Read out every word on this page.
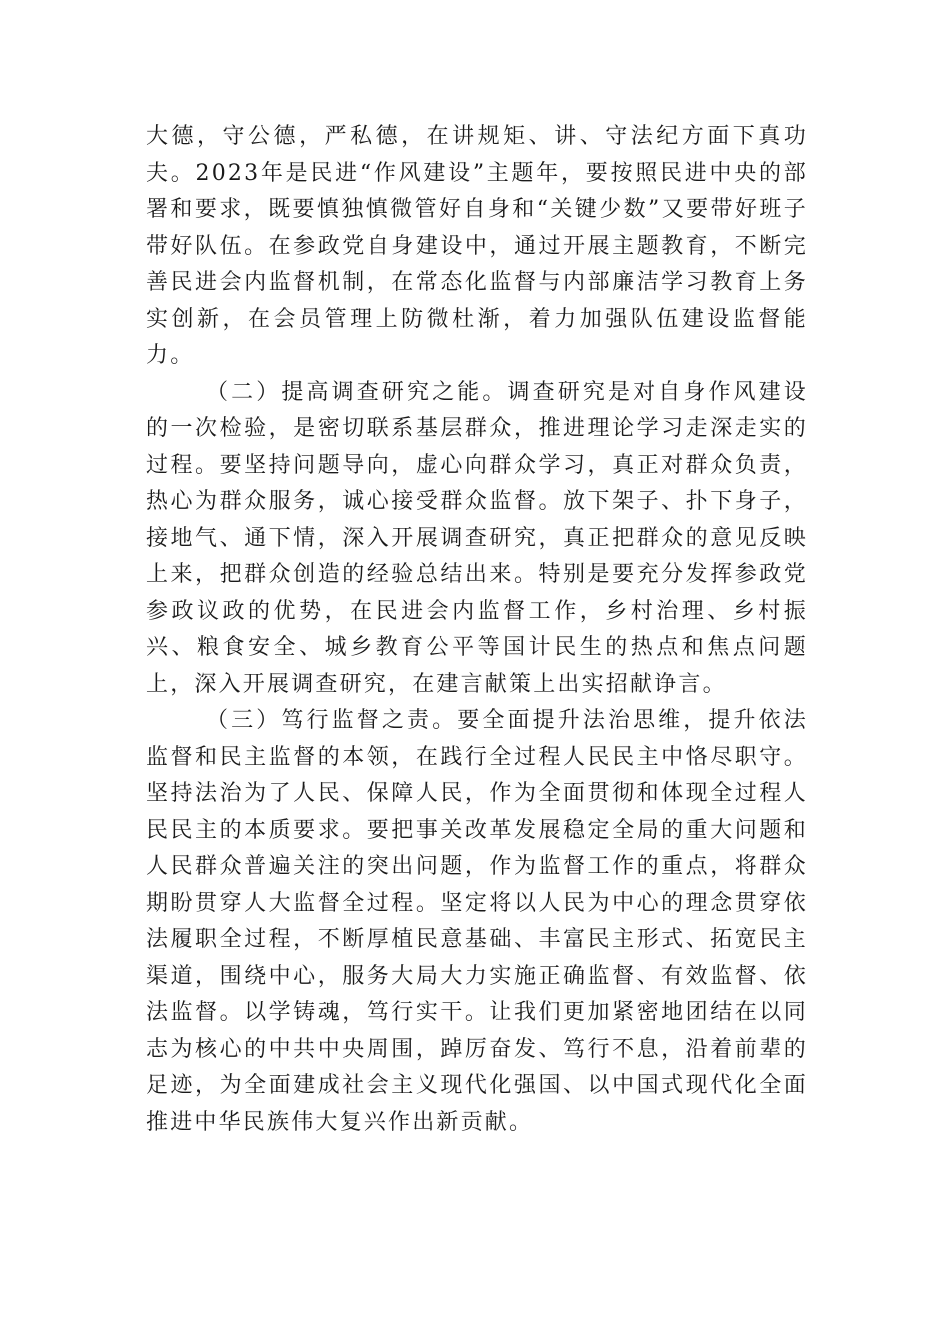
大德，守公德，严私德，在讲规矩、讲、守法纪方面下真功夫。2023年是民进“作风建设”主题年，要按照民进中央的部署和要求，既要慎独慎微管好自身和“关键少数”又要带好班子带好队伍。在参政党自身建设中，通过开展主题教育，不断完善民进会内监督机制，在常态化监督与内部廉洁学习教育上务实创新，在会员管理上防微杜渐，着力加强队伍建设监督能力。

（二）提高调查研究之能。调查研究是对自身作风建设的一次检验，是密切联系基层群众，推进理论学习走深走实的过程。要坚持问题导向，虚心向群众学习，真正对群众负责，热心为群众服务，诚心接受群众监督。放下架子、扑下身子，接地气、通下情，深入开展调查研究，真正把群众的意见反映上来，把群众创造的经验总结出来。特别是要充分发挥参政党参政议政的优势，在民进会内监督工作，乡村治理、乡村振兴、粮食安全、城乡教育公平等国计民生的热点和焦点问题上，深入开展调查研究，在建言献策上出实招献诤言。

（三）笃行监督之责。要全面提升法治思维，提升依法监督和民主监督的本领，在践行全过程人民民主中恪尽职守。坚持法治为了人民、保障人民，作为全面贯彻和体现全过程人民民主的本质要求。要把事关改革发展稳定全局的重大问题和人民群众普遍关注的突出问题，作为监督工作的重点，将群众期盼贯穿人大监督全过程。坚定将以人民为中心的理念贯穿依法履职全过程，不断厚植民意基础、丰富民主形式、拓宽民主渠道，围绕中心，服务大局大力实施正确监督、有效监督、依法监督。以学铸魂，笃行实干。让我们更加紧密地团结在以同志为核心的中共中央周围，踔厉奋发、笃行不息，沿着前辈的足迹，为全面建成社会主义现代化强国、以中国式现代化全面推进中华民族伟大复兴作出新贡献。
